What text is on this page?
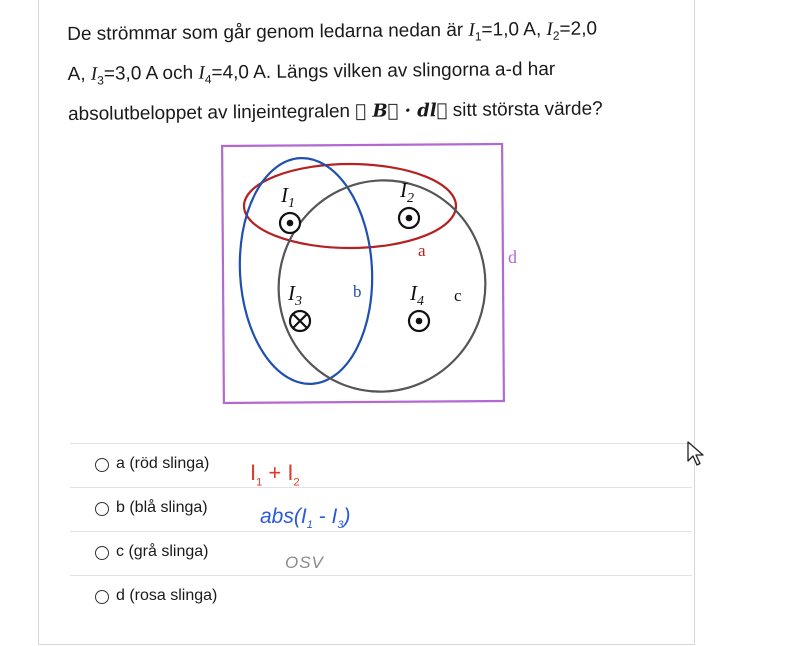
De strömmar som går genom ledarna nedan är $I_1=1,0$ A, $I_2=2,0$
A, $I_3=3,0$ A och $I_4=4,0$ A. Längs vilken av slingorna a-d har
absolutbeloppet av linjeintegralen ∮ B⃗ · dl⃗ sitt största värde?
$I_1$
$I_2$
$I_3$	$I_4$
a
b	c
d
a (röd slinga)
b (blå slinga)
c (grå slinga)
d (rosa slinga)
$I_1 + I_2$
$abs(I_1 - I_3)$
OSV
